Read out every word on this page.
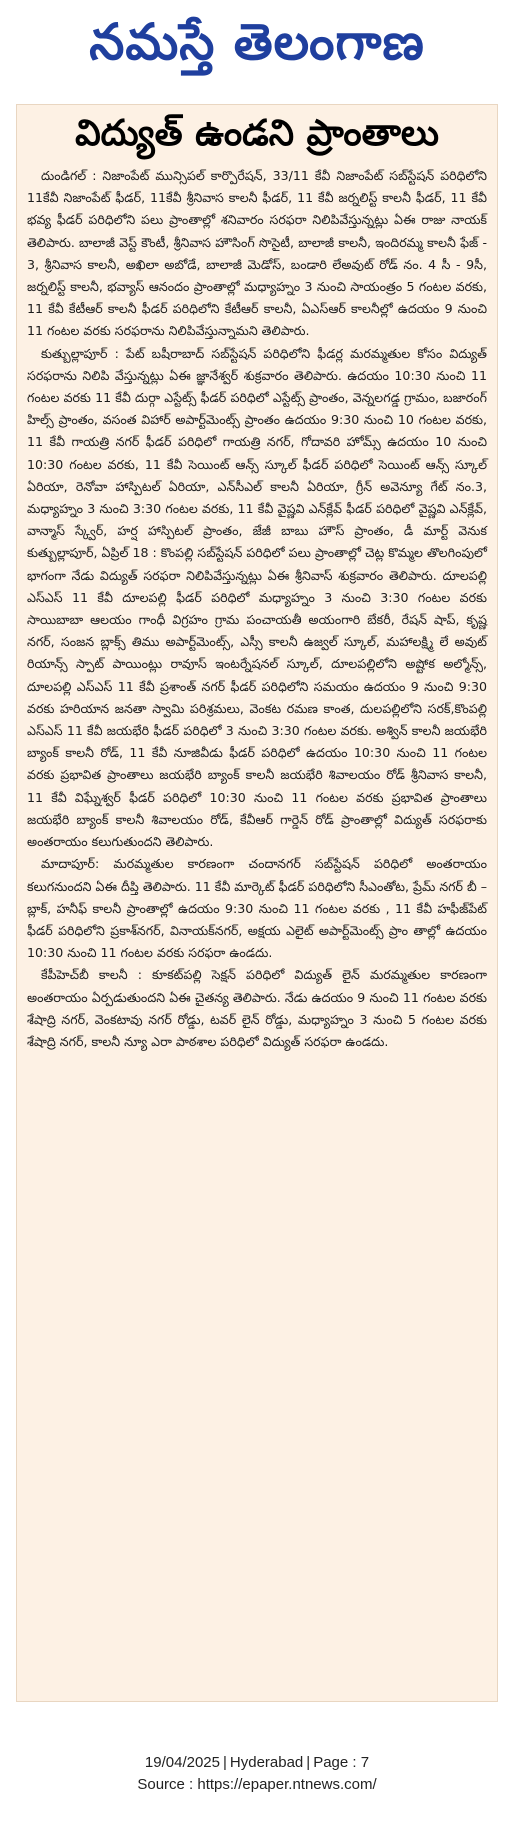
నమస్తే తెలంగాణ
విద్యుత్ ఉండని ప్రాంతాలు

దుండిగల్ : నిజాంపేట్ మున్సిపల్ కార్పొరేషన్, 33/11 కేవీ నిజాంపేట్ సబ్‌స్టేషన్ పరిధిలోని 11కేవీ నిజాంపేట్ ఫీడర్, 11కేవీ శ్రీనివాస కాలనీ ఫీడర్, 11 కేవీ జర్నలిస్ట్ కాలనీ ఫీడర్, 11 కేవీ భవ్య ఫీడర్ పరిధిలోని పలు ప్రాంతాల్లో శనివారం సరఫరా నిలిపివేస్తున్నట్లు ఏఈ రాజు నాయక్ తెలిపారు. బాలాజీ వెస్ట్ కౌంటీ, శ్రీనివాస హౌసింగ్ సొసైటీ, బాలాజీ కాలనీ, ఇందిరమ్మ కాలనీ ఫేజ్ - 3, శ్రీనివాస కాలనీ, అఖిలా అబోడే, బాలాజీ మెడోస్, బండారి లేఅవుట్ రోడ్ నం. 4 సీ - 9సీ, జర్నలిస్ట్ కాలనీ, భవ్యాస్ ఆనందం ప్రాంతాల్లో మధ్యాహ్నం 3 నుంచి సాయంత్రం 5 గంటల వరకు, 11 కేవీ కేటీఆర్ కాలనీ ఫీడర్ పరిధిలోని కేటీఆర్ కాలనీ, ఏఎస్ఆర్ కాలనీల్లో ఉదయం 9 నుంచి 11 గంటల వరకు సరఫరాను నిలిపివేస్తున్నామని తెలిపారు.

కుత్బుల్లాపూర్ : పేట్ బషీరాబాద్ సబ్‌స్టేషన్ పరిధిలోని ఫీడర్ల మరమ్మతుల కోసం విద్యుత్ సరఫరాను నిలిపి వేస్తున్నట్లు ఏఈ జ్ఞానేశ్వర్ శుక్రవారం తెలిపారు. ఉదయం 10:30 నుంచి 11 గంటల వరకు 11 కేవీ దుర్గా ఎస్టేట్స్ ఫీడర్ పరిధిలో ఎస్టేట్స్ ప్రాంతం, వెన్నలగడ్డ గ్రామం, బజారంగ్ హిల్స్ ప్రాంతం, వసంత విహార్ అపార్ట్‌మెంట్స్ ప్రాంతం ఉదయం 9:30 నుంచి 10 గంటల వరకు, 11 కేవీ గాయత్రి నగర్ ఫీడర్ పరిధిలో గాయత్రి నగర్, గోదావరి హోమ్స్ ఉదయం 10 నుంచి 10:30 గంటల వరకు, 11 కేవీ సెయింట్ ఆన్స్ స్కూల్ ఫీడర్ పరిధిలో సెయింట్ ఆన్స్ స్కూల్ ఏరియా, రెనోవా హాస్పిటల్ ఏరియా, ఎన్‌సీఎల్ కాలనీ ఏరియా, గ్రీన్ అవెన్యూ గేట్ నం.3, మధ్యాహ్నం 3 నుంచి 3:30 గంటల వరకు, 11 కేవీ వైష్ణవి ఎన్‌క్లేవ్ ఫీడర్ పరిధిలో వైష్ణవి ఎన్‌క్లేవ్, వాన్మాస్ స్క్వేర్, హర్ష హాస్పిటల్ ప్రాంతం, జేజీ బాబు హౌస్ ప్రాంతం, డీ మార్ట్ వెనుక కుత్బుల్లాపూర్, ఏప్రిల్ 18 : కొంపల్లి సబ్‌స్టేషన్ పరిధిలో పలు ప్రాంతాల్లో చెట్ల కొమ్మల తొలగింపులో భాగంగా నేడు విద్యుత్ సరఫరా నిలిపివేస్తున్నట్లు ఏఈ శ్రీనివాస్ శుక్రవారం తెలిపారు. దూలపల్లి ఎస్ఎస్ 11 కేవీ దూలపల్లి ఫీడర్ పరిధిలో మధ్యాహ్నం 3 నుంచి 3:30 గంటల వరకు సాయిబాబా ఆలయం గాంధీ విగ్రహం గ్రామ పంచాయతీ అయంగారి బేకరీ, రేషన్ షాప్, కృష్ణ నగర్, సంజన బ్లాక్స్ తిము అపార్ట్‌మెంట్స్, ఎస్సీ కాలనీ ఉజ్వల్ స్కూల్, మహాలక్ష్మి లే అవుట్ రియాన్స్ స్పాట్ పాయింట్లు రావూస్ ఇంటర్నేషనల్ స్కూల్, దూలపల్లిలోని అష్టోక అల్మోన్స్, దూలపల్లి ఎస్ఎస్ 11 కేవీ ప్రశాంత్ నగర్ ఫీడర్ పరిధిలోని సమయం ఉదయం 9 నుంచి 9:30 వరకు హరియాన జనతా స్వామి పరిశ్రమలు, వెంకట రమణ కాంత, దులపల్లిలోని సరక్,కొంపల్లి ఎస్ఎస్ 11 కేవీ జయభేరి ఫీడర్ పరిధిలో 3 నుంచి 3:30 గంటల వరకు. అశ్విన్ కాలనీ జయభేరి బ్యాంక్ కాలనీ రోడ్, 11 కేవీ నూజివీడు ఫీడర్ పరిధిలో ఉదయం 10:30 నుంచి 11 గంటల వరకు ప్రభావిత ప్రాంతాలు జయభేరి బ్యాంక్ కాలనీ జయభేరి శివాలయం రోడ్ శ్రీనివాస కాలనీ, 11 కేవీ విఘ్నేశ్వర్ ఫీడర్ పరిధిలో 10:30 నుంచి 11 గంటల వరకు ప్రభావిత ప్రాంతాలు జయభేరి బ్యాంక్ కాలనీ శివాలయం రోడ్, కేవీఆర్ గార్డెన్ రోడ్ ప్రాంతాల్లో విద్యుత్ సరఫరాకు అంతరాయం కలుగుతుందని తెలిపారు.

మాదాపూర్: మరమ్మతుల కారణంగా చందానగర్ సబ్‌స్టేషన్ పరిధిలో అంతరాయం కలుగనుందని ఏఈ దీప్తి తెలిపారు. 11 కేవీ మార్కెట్ ఫీడర్ పరిధిలోని సీఎంతోట, ప్రేమ్ నగర్ బీ –బ్లాక్, హనీఫ్ కాలనీ ప్రాంతాల్లో ఉదయం 9:30 నుంచి 11 గంటల వరకు , 11 కేవీ హఫీజ్‌పేట్ ఫీడర్ పరిధిలోని ప్రకాశ్‌నగర్, వినాయక్‌నగర్, అక్షయ ఎలైట్ అపార్ట్‌మెంట్స్ ప్రాం తాల్లో ఉదయం 10:30 నుంచి 11 గంటల వరకు సరఫరా ఉండదు.

కేపీహెచ్‌బీ కాలనీ : కూకట్‌పల్లి సెక్షన్ పరిధిలో విద్యుత్ లైన్ మరమ్మతుల కారణంగా అంతరాయం ఏర్పడుతుందని ఏఈ చైతన్య తెలిపారు. నేడు ఉదయం 9 నుంచి 11 గంటల వరకు శేషాద్రి నగర్, వెంకటావు నగర్ రోడ్డు, టవర్ లైన్ రోడ్డు, మధ్యాహ్నం 3 నుంచి 5 గంటల వరకు శేషాద్రి నగర్, కాలనీ న్యూ ఎరా పాఠశాల పరిధిలో విద్యుత్ సరఫరా ఉండదు.

19/04/2025 | Hyderabad | Page : 7
Source : https://epaper.ntnews.com/
